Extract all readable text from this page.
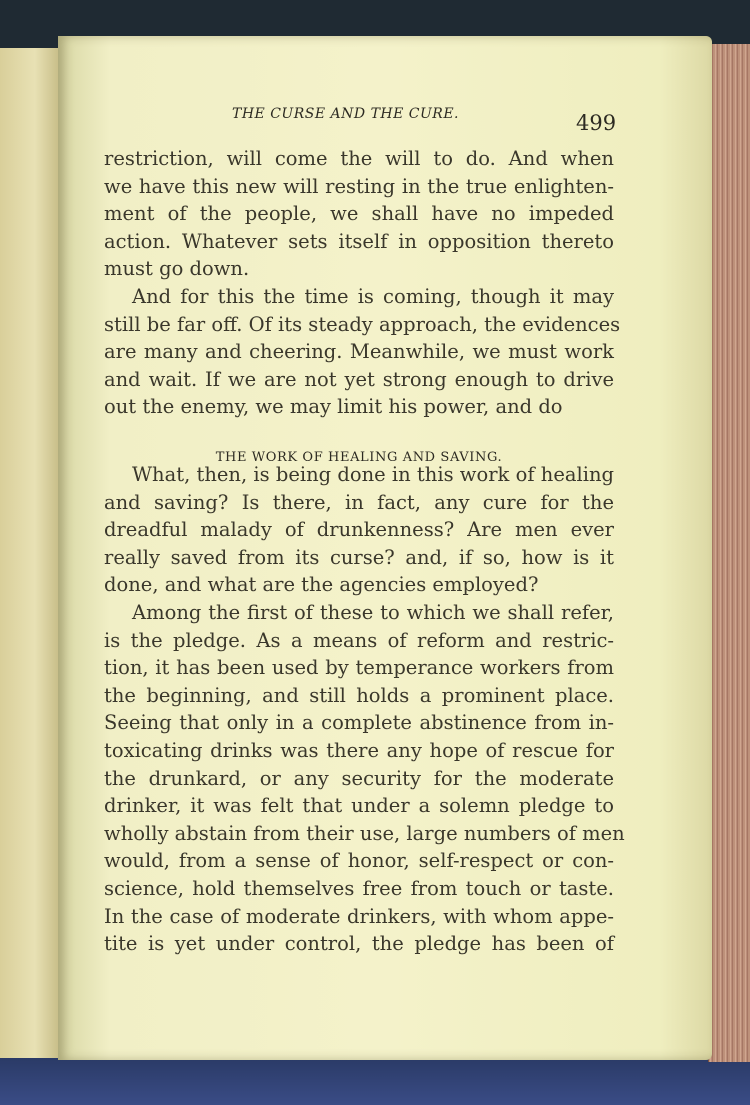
THE CURSE AND THE CURE.	499
restriction, will come the will to do. And when
we have this new will resting in the true enlighten-
ment of the people, we shall have no impeded
action. Whatever sets itself in opposition thereto
must go down.
And for this the time is coming, though it may
still be far off. Of its steady approach, the evidences
are many and cheering. Meanwhile, we must work
and wait. If we are not yet strong enough to drive
out the enemy, we may limit his power, and do
THE WORK OF HEALING AND SAVING.
What, then, is being done in this work of healing
and saving? Is there, in fact, any cure for the
dreadful malady of drunkenness? Are men ever
really saved from its curse? and, if so, how is it
done, and what are the agencies employed?
Among the first of these to which we shall refer,
is the pledge. As a means of reform and restric-
tion, it has been used by temperance workers from
the beginning, and still holds a prominent place.
Seeing that only in a complete abstinence from in-
toxicating drinks was there any hope of rescue for
the drunkard, or any security for the moderate
drinker, it was felt that under a solemn pledge to
wholly abstain from their use, large numbers of men
would, from a sense of honor, self-respect or con-
science, hold themselves free from touch or taste.
In the case of moderate drinkers, with whom appe-
tite is yet under control, the pledge has been of
